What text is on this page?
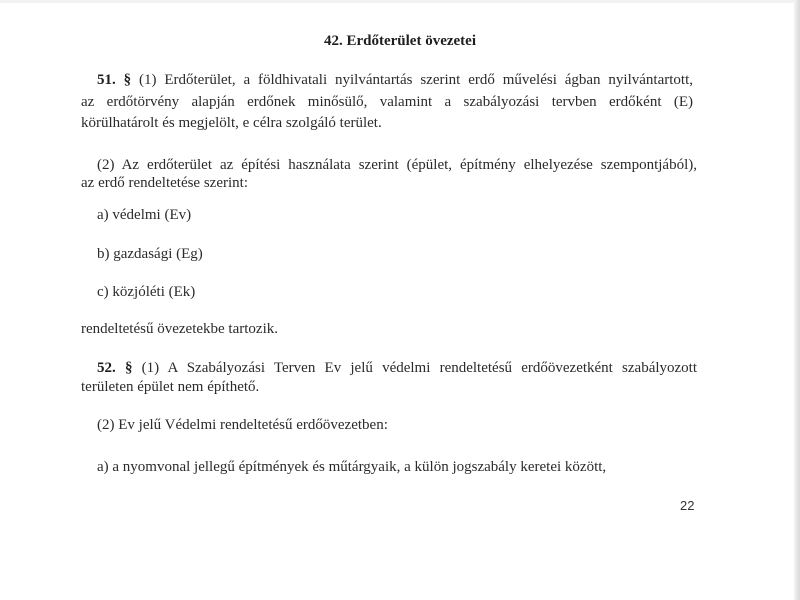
42. Erdőterület övezetei
51. § (1) Erdőterület, a földhivatali nyilvántartás szerint erdő művelési ágban nyilvántartott,
az erdőtörvény alapján erdőnek minősülő, valamint a szabályozási tervben erdőként (E)
körülhatárolt és megjelölt, e célra szolgáló terület.
(2) Az erdőterület az építési használata szerint (épület, építmény elhelyezése szempontjából),
az erdő rendeltetése szerint:
a) védelmi (Ev)
b) gazdasági (Eg)
c) közjóléti (Ek)
rendeltetésű övezetekbe tartozik.
52. § (1) A Szabályozási Terven Ev jelű védelmi rendeltetésű erdőövezetként szabályozott
területen épület nem építhető.
(2) Ev jelű Védelmi rendeltetésű erdőövezetben:
a) a nyomvonal jellegű építmények és műtárgyaik, a külön jogszabály keretei között,
22
